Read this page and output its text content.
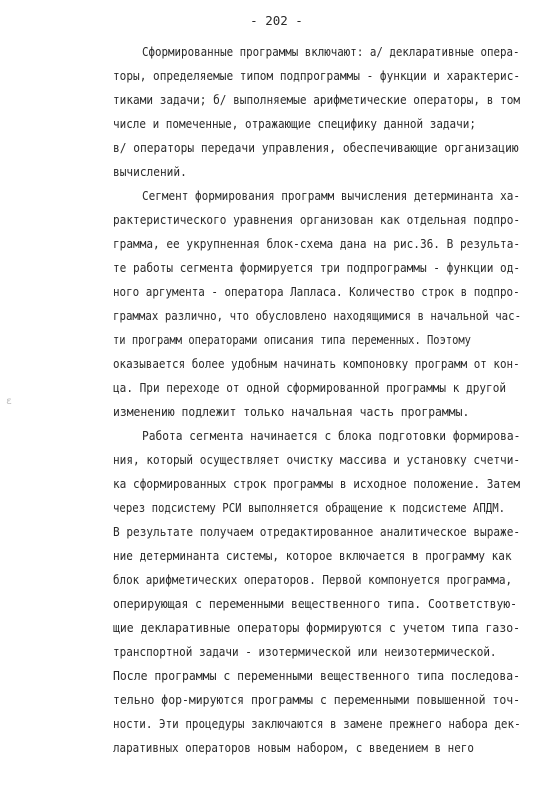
- 202 -
ε
Сформированные программы включают: а/ декларативные опера-
торы, определяемые типом подпрограммы - функции и характерис-
тиками задачи; б/ выполняемые арифметические операторы, в том
числе и помеченные, отражающие специфику данной задачи;
в/ операторы передачи управления, обеспечивающие организацию
вычислений.
Сегмент формирования программ вычисления детерминанта ха-
рактеристического уравнения организован как отдельная подпро-
грамма, ее укрупненная блок-схема дана на рис.36. В результа-
те работы сегмента формируется три подпрограммы - функции од-
ного аргумента - оператора Лапласа. Количество строк в подпро-
граммах различно, что обусловлено находящимися в начальной час-
ти программ операторами описания типа переменных. Поэтому
оказывается более удобным начинать компоновку программ от кон-
ца. При переходе от одной сформированной программы к другой
изменению подлежит только начальная часть программы.
Работа сегмента начинается с блока подготовки формирова-
ния, который осуществляет очистку массива и установку счетчи-
ка сформированных строк программы в исходное положение. Затем
через подсистему РСИ выполняется обращение к подсистеме АПДМ.
В результате получаем отредактированное аналитическое выраже-
ние детерминанта системы, которое включается в программу как
блок арифметических операторов. Первой компонуется программа,
оперирующая с переменными вещественного типа. Соответствую-
щие декларативные операторы формируются с учетом типа газо-
транспортной задачи - изотермической или неизотермической.
После программы с переменными вещественного типа последова-
тельно фор-мируются программы с переменными повышенной точ-
ности. Эти процедуры заключаются в замене прежнего набора дек-
ларативных операторов новым набором, с введением в него
